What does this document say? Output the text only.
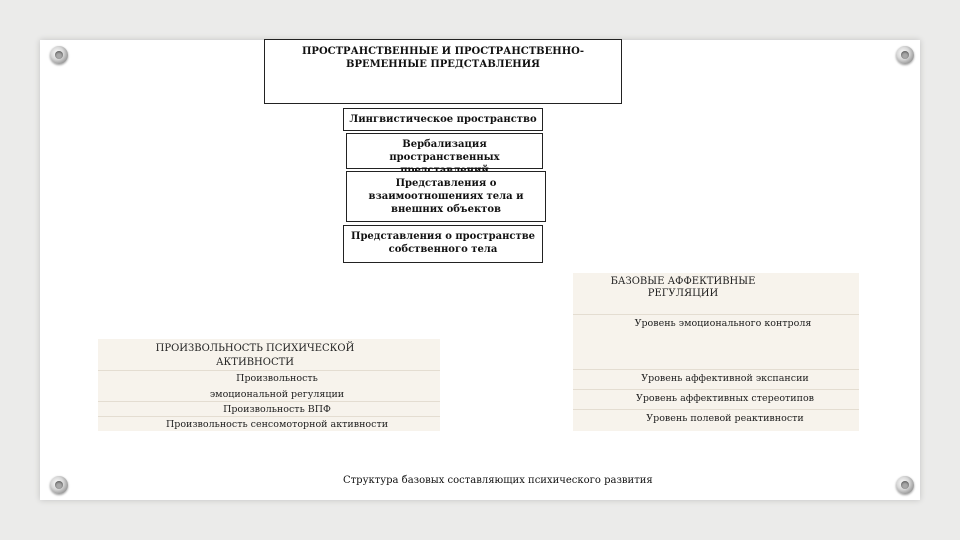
ПРОСТРАНСТВЕННЫЕ И ПРОСТРАНСТВЕННО-
ВРЕМЕННЫЕ ПРЕДСТАВЛЕНИЯ
Лингвистическое пространство
Вербализация пространственных
Представления о
взаимоотношениях тела и
внешних объектов
Представления о пространстве
собственного тела
БАЗОВЫЕ АФФЕКТИВНЫЕ
РЕГУЛЯЦИИ
Уровень эмоционального контроля
Уровень аффективной экспансии
Уровень аффективных стереотипов
Уровень полевой реактивности
ПРОИЗВОЛЬНОСТЬ ПСИХИЧЕСКОЙ
АКТИВНОСТИ
Произвольность
эмоциональной регуляции
Произвольность ВПФ
Произвольность сенсомоторной активности
Структура базовых составляющих психического развития
